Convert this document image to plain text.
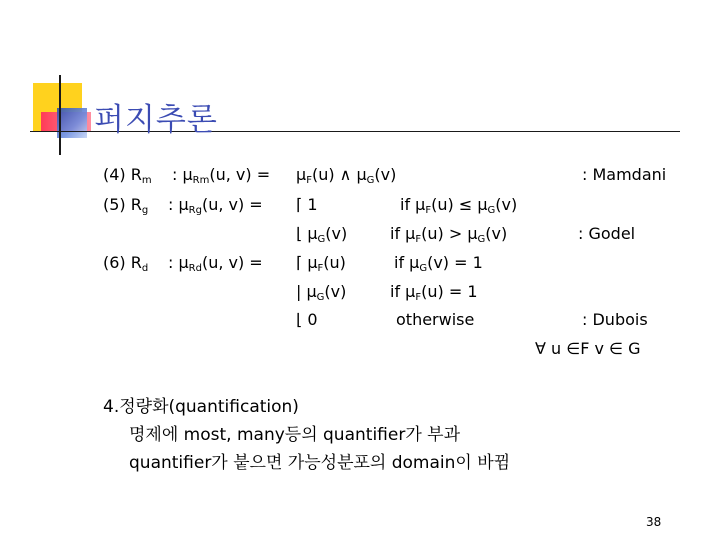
퍼지추론
(4) $R_m$ : $\mu_{Rm}(u$, $v) = \mu_F(u)$ ∧ $\mu_G(v)$	: Mamdani
(5) $R_g$ : $\mu_{Rg}(u$, v) = ⌈ 1	if $\mu_F(u) \le \mu_G(v)$
⌊ $\mu_G(v)$	if $\mu_F(u) > \mu_G(v)$	: Godel
(6) $R_d$ : $\mu_{Rd}(u$, v) = ⌈ $\mu_F(u)$	if $\mu_G(v) = 1$
| $\mu_G(v)$	if $\mu_F(u) = 1$
⌊ 0	otherwise	: Dubois
∀ u ∈F v ∈ G
4.정량화(quantification)
명제에 most, many등의 quantifier가 부과
quantifier가 붙으면 가능성분포의 domain이 바뀜
38
